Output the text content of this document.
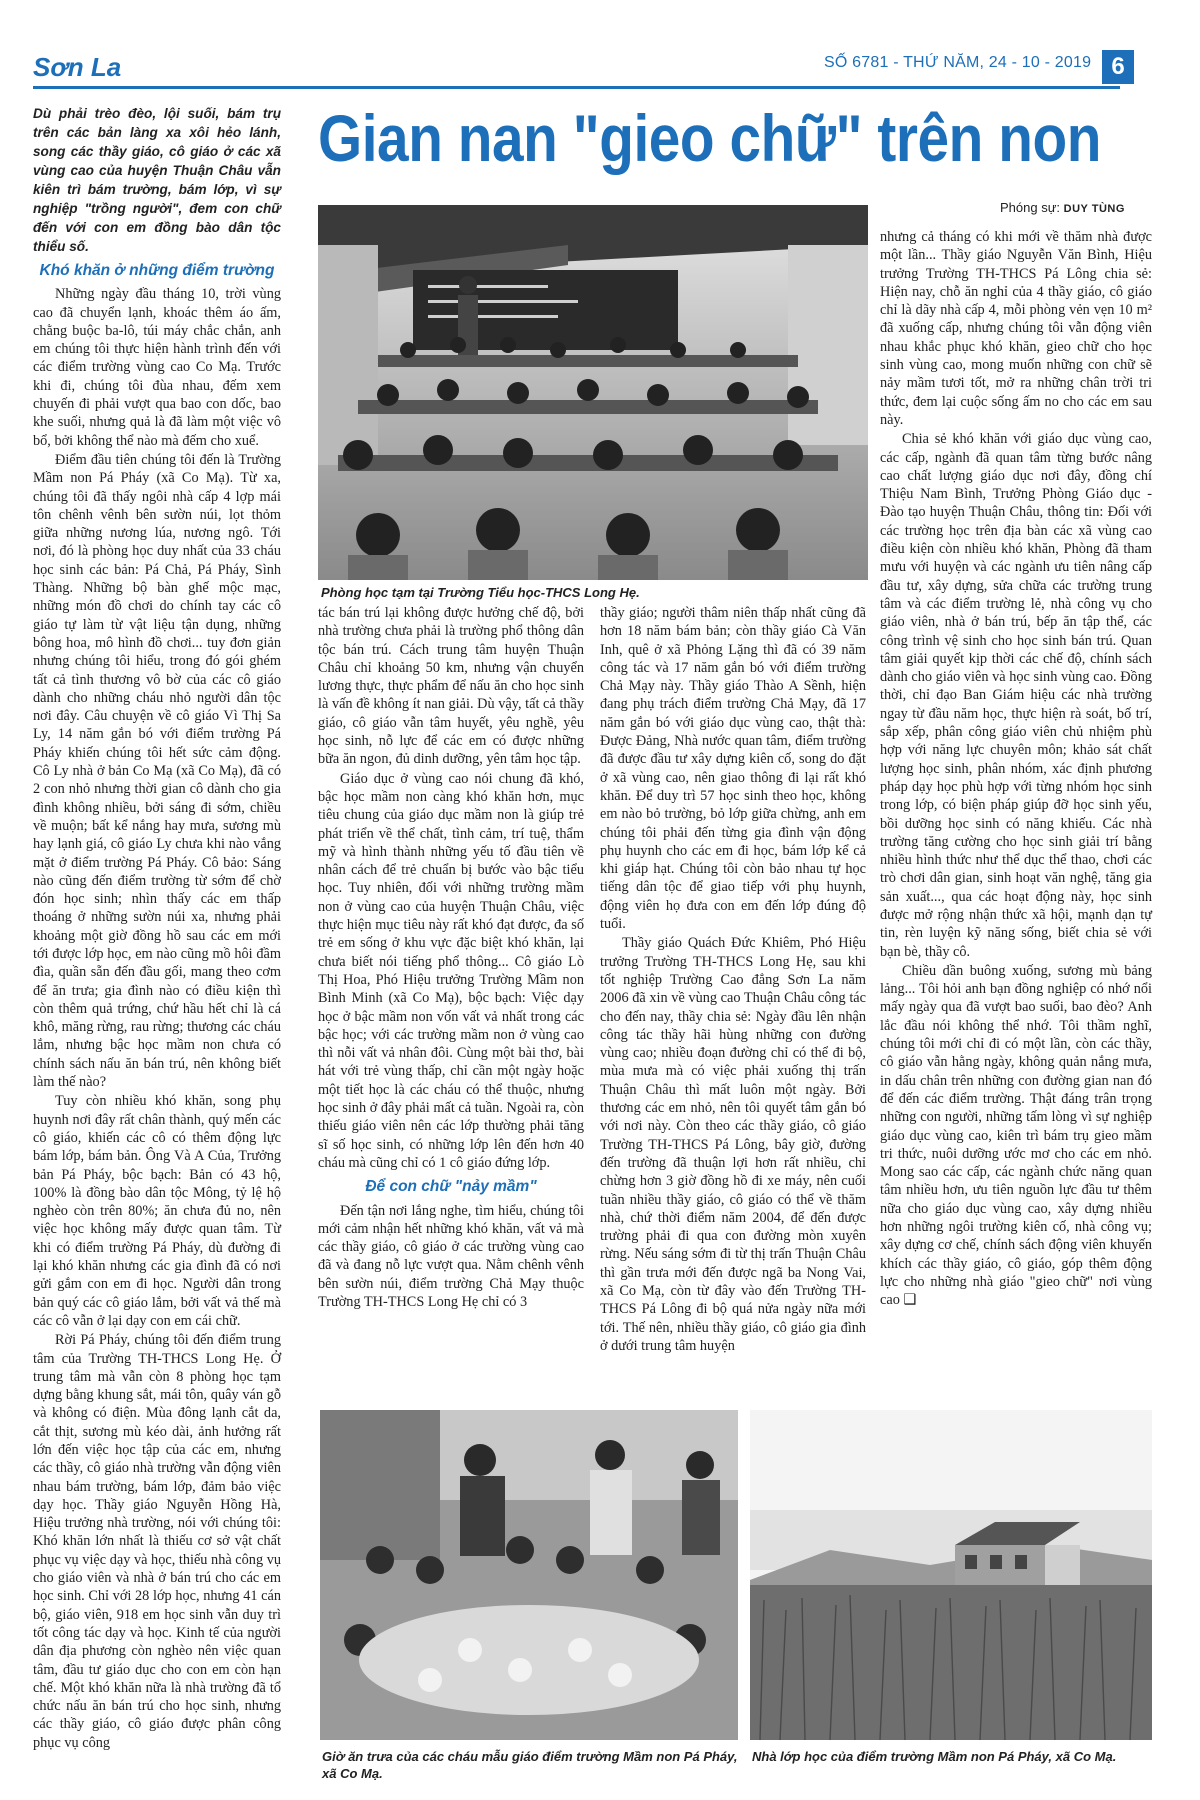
Sơn La	SỐ 6781 - THỨ NĂM, 24 - 10 - 2019 6
Gian nan "gieo chữ" trên non
Phóng sự: DUY TÙNG
Dù phải trèo đèo, lội suối, bám trụ trên các bản làng xa xôi hẻo lánh, song các thầy giáo, cô giáo ở các xã vùng cao của huyện Thuận Châu vẫn kiên trì bám trường, bám lớp, vì sự nghiệp "trồng người", đem con chữ đến với con em đồng bào dân tộc thiểu số.
Khó khăn ở những điểm trường

Những ngày đầu tháng 10, trời vùng cao đã chuyển lạnh, khoác thêm áo ấm, chằng buộc ba-lô, túi máy chắc chắn, anh em chúng tôi thực hiện hành trình đến với các điểm trường vùng cao Co Mạ. Trước khi đi, chúng tôi đùa nhau, đếm xem chuyến đi phải vượt qua bao con dốc, bao khe suối, nhưng quả là đã làm một việc vô bổ, bởi không thể nào mà đếm cho xuể.

Điểm đầu tiên chúng tôi đến là Trường Mầm non Pá Pháy (xã Co Mạ). Từ xa, chúng tôi đã thấy ngôi nhà cấp 4 lợp mái tôn chênh vênh bên sườn núi, lọt thỏm giữa những nương lúa, nương ngô. Tới nơi, đó là phòng học duy nhất của 33 cháu học sinh các bản: Pá Chả, Pá Pháy, Sình Thàng. Những bộ bàn ghế mộc mạc, những món đồ chơi do chính tay các cô giáo tự làm từ vật liệu tận dụng, những bông hoa, mô hình đồ chơi... tuy đơn giản nhưng chúng tôi hiểu, trong đó gói ghém tất cả tình thương vô bờ của các cô giáo dành cho những cháu nhỏ người dân tộc nơi đây. Câu chuyện về cô giáo Vì Thị Sa Ly, 14 năm gắn bó với điểm trường Pá Pháy khiến chúng tôi hết sức cảm động. Cô Ly nhà ở bản Co Mạ (xã Co Mạ), đã có 2 con nhỏ nhưng thời gian cô dành cho gia đình không nhiều, bởi sáng đi sớm, chiều về muộn; bất kể nắng hay mưa, sương mù hay lạnh giá, cô giáo Ly chưa khi nào vắng mặt ở điểm trường Pá Pháy. Cô bảo: Sáng nào cũng đến điểm trường từ sớm để chờ đón học sinh; nhìn thấy các em thấp thoáng ở những sườn núi xa, nhưng phải khoảng một giờ đồng hồ sau các em mới tới được lớp học, em nào cũng mồ hôi đầm đìa, quần sẵn đến đầu gối, mang theo cơm để ăn trưa; gia đình nào có điều kiện thì còn thêm quả trứng, chứ hầu hết chỉ là cá khô, măng rừng, rau rừng; thương các cháu lắm, nhưng bậc học mầm non chưa có chính sách nấu ăn bán trú, nên không biết làm thế nào?

Tuy còn nhiều khó khăn, song phụ huynh nơi đây rất chân thành, quý mến các cô giáo, khiến các cô có thêm động lực bám lớp, bám bản. Ông Và A Của, Trưởng bản Pá Pháy, bộc bạch: Bản có 43 hộ, 100% là đồng bào dân tộc Mông, tỷ lệ hộ nghèo còn trên 80%; ăn chưa đủ no, nên việc học không mấy được quan tâm. Từ khi có điểm trường Pá Pháy, dù đường đi lại khó khăn nhưng các gia đình đã có nơi gửi gắm con em đi học. Người dân trong bản quý các cô giáo lắm, bởi vất vả thế mà các cô vẫn ở lại dạy con em cái chữ.

Rời Pá Pháy, chúng tôi đến điểm trung tâm của Trường TH-THCS Long Hẹ. Ở trung tâm mà vẫn còn 8 phòng học tạm dựng bằng khung sắt, mái tôn, quây ván gỗ và không có điện. Mùa đông lạnh cắt da, cắt thịt, sương mù kéo dài, ảnh hưởng rất lớn đến việc học tập của các em, nhưng các thầy, cô giáo nhà trường vẫn động viên nhau bám trường, bám lớp, đảm bảo việc dạy học. Thầy giáo Nguyễn Hồng Hà, Hiệu trưởng nhà trường, nói với chúng tôi: Khó khăn lớn nhất là thiếu cơ sở vật chất phục vụ việc dạy và học, thiếu nhà công vụ cho giáo viên và nhà ở bán trú cho các em học sinh. Chỉ với 28 lớp học, nhưng 41 cán bộ, giáo viên, 918 em học sinh vẫn duy trì tốt công tác dạy và học. Kinh tế của người dân địa phương còn nghèo nên việc quan tâm, đầu tư giáo dục cho con em còn hạn chế. Một khó khăn nữa là nhà trường đã tổ chức nấu ăn bán trú cho học sinh, nhưng các thầy giáo, cô giáo được phân công phục vụ công

Phòng học tạm tại Trường Tiểu học-THCS Long Hẹ.

tác bán trú lại không được hưởng chế độ, bởi nhà trường chưa phải là trường phổ thông dân tộc bán trú. Cách trung tâm huyện Thuận Châu chỉ khoảng 50 km, nhưng vận chuyển lương thực, thực phẩm để nấu ăn cho học sinh là vấn đề không ít nan giải. Dù vậy, tất cả thầy giáo, cô giáo vẫn tâm huyết, yêu nghề, yêu học sinh, nỗ lực để các em có được những bữa ăn ngon, đủ dinh dưỡng, yên tâm học tập.

Giáo dục ở vùng cao nói chung đã khó, bậc học mầm non càng khó khăn hơn, mục tiêu chung của giáo dục mầm non là giúp trẻ phát triển về thể chất, tình cảm, trí tuệ, thẩm mỹ và hình thành những yếu tố đầu tiên về nhân cách để trẻ chuẩn bị bước vào bậc tiểu học. Tuy nhiên, đối với những trường mầm non ở vùng cao của huyện Thuận Châu, việc thực hiện mục tiêu này rất khó đạt được, đa số trẻ em sống ở khu vực đặc biệt khó khăn, lại chưa biết nói tiếng phổ thông... Cô giáo Lò Thị Hoa, Phó Hiệu trưởng Trường Mầm non Bình Minh (xã Co Mạ), bộc bạch: Việc dạy học ở bậc mầm non vốn vất vả nhất trong các bậc học; với các trường mầm non ở vùng cao thì nỗi vất vả nhân đôi. Cùng một bài thơ, bài hát với trẻ vùng thấp, chỉ cần một ngày hoặc một tiết học là các cháu có thể thuộc, nhưng học sinh ở đây phải mất cả tuần. Ngoài ra, còn thiếu giáo viên nên các lớp thường phải tăng sĩ số học sinh, có những lớp lên đến hơn 40 cháu mà cũng chỉ có 1 cô giáo đứng lớp.

Để con chữ "nảy mầm"

Đến tận nơi lắng nghe, tìm hiểu, chúng tôi mới cảm nhận hết những khó khăn, vất vả mà các thầy giáo, cô giáo ở các trường vùng cao đã và đang nỗ lực vượt qua. Nằm chênh vênh bên sườn núi, điểm trường Chả Mạy thuộc Trường TH-THCS Long Hẹ chỉ có 3

thầy giáo; người thâm niên thấp nhất cũng đã hơn 18 năm bám bản; còn thầy giáo Cà Văn Inh, quê ở xã Phỏng Lặng thì đã có 39 năm công tác và 17 năm gắn bó với điểm trường Chả Mạy này. Thầy giáo Thào A Sềnh, hiện đang phụ trách điểm trường Chả Mạy, đã 17 năm gắn bó với giáo dục vùng cao, thật thà: Được Đảng, Nhà nước quan tâm, điểm trường đã được đầu tư xây dựng kiên cố, song do đặt ở xã vùng cao, nên giao thông đi lại rất khó khăn. Để duy trì 57 học sinh theo học, không em nào bỏ trường, bỏ lớp giữa chừng, anh em chúng tôi phải đến từng gia đình vận động phụ huynh cho các em đi học, bám lớp kể cả khi giáp hạt. Chúng tôi còn bảo nhau tự học tiếng dân tộc để giao tiếp với phụ huynh, động viên họ đưa con em đến lớp đúng độ tuổi.

Thầy giáo Quách Đức Khiêm, Phó Hiệu trưởng Trường TH-THCS Long Hẹ, sau khi tốt nghiệp Trường Cao đẳng Sơn La năm 2006 đã xin về vùng cao Thuận Châu công tác cho đến nay, thầy chia sẻ: Ngày đầu lên nhận công tác thầy hãi hùng những con đường vùng cao; nhiều đoạn đường chỉ có thể đi bộ, mùa mưa mà có việc phải xuống thị trấn Thuận Châu thì mất luôn một ngày. Bởi thương các em nhỏ, nên tôi quyết tâm gắn bó với nơi này. Còn theo các thầy giáo, cô giáo Trường TH-THCS Pá Lông, bây giờ, đường đến trường đã thuận lợi hơn rất nhiều, chỉ chừng hơn 3 giờ đồng hồ đi xe máy, nên cuối tuần nhiều thầy giáo, cô giáo có thể về thăm nhà, chứ thời điểm năm 2004, để đến được trường phải đi qua con đường mòn xuyên rừng. Nếu sáng sớm đi từ thị trấn Thuận Châu thì gần trưa mới đến được ngã ba Nong Vai, xã Co Mạ, còn từ đây vào đến Trường TH-THCS Pá Lông đi bộ quá nửa ngày nữa mới tới. Thế nên, nhiều thầy giáo, cô giáo gia đình ở dưới trung tâm huyện

nhưng cả tháng có khi mới về thăm nhà được một lần... Thầy giáo Nguyễn Văn Bình, Hiệu trưởng Trường TH-THCS Pá Lông chia sẻ: Hiện nay, chỗ ăn nghỉ của 4 thầy giáo, cô giáo chỉ là dãy nhà cấp 4, mỗi phòng vẻn vẹn 10 m² đã xuống cấp, nhưng chúng tôi vẫn động viên nhau khắc phục khó khăn, gieo chữ cho học sinh vùng cao, mong muốn những con chữ sẽ nảy mầm tươi tốt, mở ra những chân trời tri thức, đem lại cuộc sống ấm no cho các em sau này.

Chia sẻ khó khăn với giáo dục vùng cao, các cấp, ngành đã quan tâm từng bước nâng cao chất lượng giáo dục nơi đây, đồng chí Thiệu Nam Bình, Trưởng Phòng Giáo dục - Đào tạo huyện Thuận Châu, thông tin: Đối với các trường học trên địa bàn các xã vùng cao điều kiện còn nhiều khó khăn, Phòng đã tham mưu với huyện và các ngành ưu tiên nâng cấp đầu tư, xây dựng, sửa chữa các trường trung tâm và các điểm trường lẻ, nhà công vụ cho giáo viên, nhà ở bán trú, bếp ăn tập thể, các công trình vệ sinh cho học sinh bán trú. Quan tâm giải quyết kịp thời các chế độ, chính sách dành cho giáo viên và học sinh vùng cao. Đồng thời, chỉ đạo Ban Giám hiệu các nhà trường ngay từ đầu năm học, thực hiện rà soát, bố trí, sắp xếp, phân công giáo viên chủ nhiệm phù hợp với năng lực chuyên môn; khảo sát chất lượng học sinh, phân nhóm, xác định phương pháp dạy học phù hợp với từng nhóm học sinh trong lớp, có biện pháp giúp đỡ học sinh yếu, bồi dưỡng học sinh có năng khiếu. Các nhà trường tăng cường cho học sinh giải trí bằng nhiều hình thức như thể dục thể thao, chơi các trò chơi dân gian, sinh hoạt văn nghệ, tăng gia sản xuất..., qua các hoạt động này, học sinh được mở rộng nhận thức xã hội, mạnh dạn tự tin, rèn luyện kỹ năng sống, biết chia sẻ với bạn bè, thầy cô.

Chiều dần buông xuống, sương mù bảng lảng... Tôi hỏi anh bạn đồng nghiệp có nhớ nổi mấy ngày qua đã vượt bao suối, bao đèo? Anh lắc đầu nói không thể nhớ. Tôi thầm nghĩ, chúng tôi mới chỉ đi có một lần, còn các thầy, cô giáo vẫn hằng ngày, không quản nắng mưa, in dấu chân trên những con đường gian nan đó để đến các điểm trường. Thật đáng trân trọng những con người, những tấm lòng vì sự nghiệp giáo dục vùng cao, kiên trì bám trụ gieo mầm tri thức, nuôi dưỡng ước mơ cho các em nhỏ. Mong sao các cấp, các ngành chức năng quan tâm nhiều hơn, ưu tiên nguồn lực đầu tư thêm nữa cho giáo dục vùng cao, xây dựng nhiều hơn những ngôi trường kiên cố, nhà công vụ; xây dựng cơ chế, chính sách động viên khuyến khích các thầy giáo, cô giáo, góp thêm động lực cho những nhà giáo "gieo chữ" nơi vùng cao ❑

Giờ ăn trưa của các cháu mẫu giáo điểm trường Mầm non Pá Pháy, xã Co Mạ.
Nhà lớp học của điểm trường Mầm non Pá Pháy, xã Co Mạ.
